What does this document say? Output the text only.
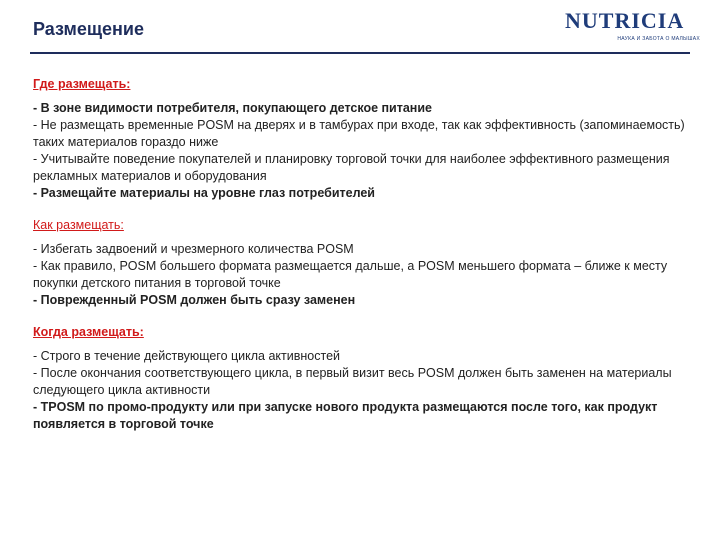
Размещение	NUTRICIA
НАУКА И ЗАБОТА О МАЛЫШАХ

Где размещать:

- В зоне видимости потребителя, покупающего детское питание
- Не размещать временные POSM на дверях и в тамбурах при входе, так как эффективность (запоминаемость) таких материалов гораздо ниже
- Учитывайте поведение покупателей и планировку торговой точки для наиболее эффективного размещения рекламных материалов и оборудования
- Размещайте материалы на уровне глаз потребителей

Как размещать:

- Избегать задвоений и чрезмерного количества POSM
- Как правило, POSM большего формата размещается дальше, а POSM меньшего формата – ближе к месту покупки детского питания в торговой точке
- Поврежденный POSM должен быть сразу заменен

Когда размещать:

- Строго в течение действующего цикла активностей
- После окончания соответствующего цикла, в первый визит весь POSM должен быть заменен на материалы следующего цикла активности
- TPOSM по промо-продукту или при запуске нового продукта размещаются после того, как продукт появляется в торговой точке
